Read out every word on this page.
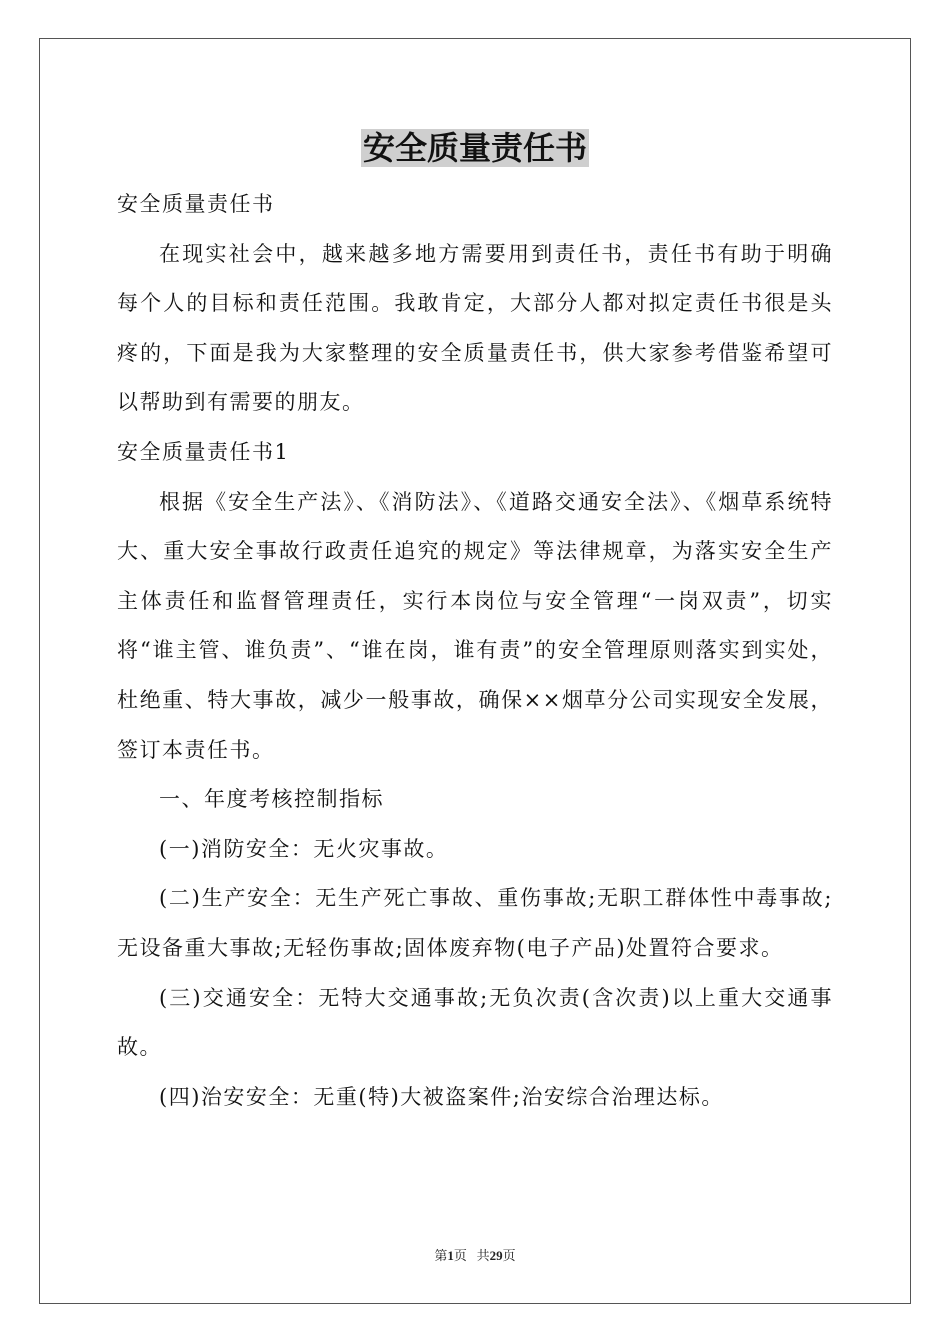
安全质量责任书

安全质量责任书

在现实社会中，越来越多地方需要用到责任书，责任书有助于明确每个人的目标和责任范围。我敢肯定，大部分人都对拟定责任书很是头疼的，下面是我为大家整理的安全质量责任书，供大家参考借鉴希望可以帮助到有需要的朋友。

安全质量责任书1

根据《安全生产法》、《消防法》、《道路交通安全法》、《烟草系统特大、重大安全事故行政责任追究的规定》等法律规章，为落实安全生产主体责任和监督管理责任，实行本岗位与安全管理“一岗双责”，切实将“谁主管、谁负责”、“谁在岗，谁有责”的安全管理原则落实到实处，杜绝重、特大事故，减少一般事故，确保××烟草分公司实现安全发展，签订本责任书。

一、年度考核控制指标

(一)消防安全：无火灾事故。

(二)生产安全：无生产死亡事故、重伤事故;无职工群体性中毒事故;无设备重大事故;无轻伤事故;固体废弃物(电子产品)处置符合要求。

(三)交通安全：无特大交通事故;无负次责(含次责)以上重大交通事故。

(四)治安安全：无重(特)大被盗案件;治安综合治理达标。

第1页 共29页
